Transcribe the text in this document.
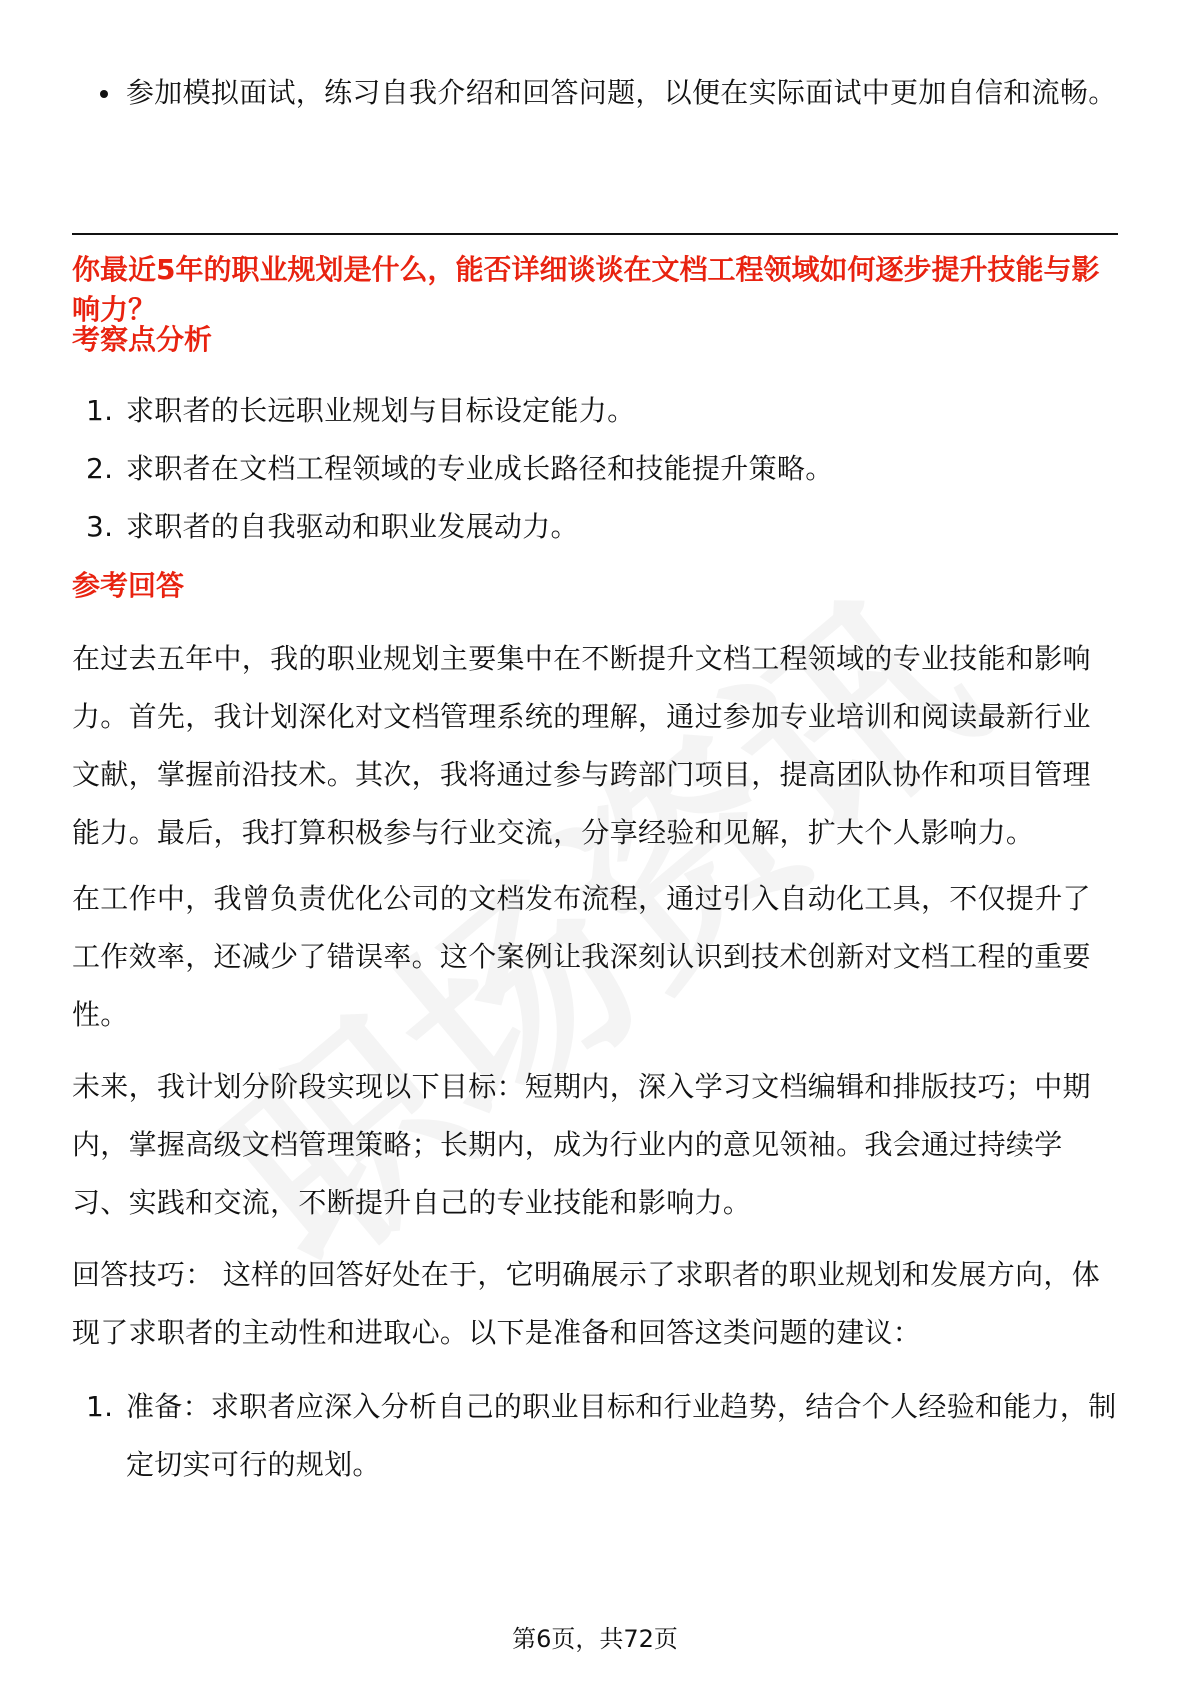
参加模拟面试，练习自我介绍和回答问题，以便在实际面试中更加自信和流畅。
你最近5年的职业规划是什么，能否详细谈谈在文档工程领域如何逐步提升技能与影响力？
考察点分析
1. 求职者的长远职业规划与目标设定能力。
2. 求职者在文档工程领域的专业成长路径和技能提升策略。
3. 求职者的自我驱动和职业发展动力。
参考回答

在过去五年中，我的职业规划主要集中在不断提升文档工程领域的专业技能和影响力。首先，我计划深化对文档管理系统的理解，通过参加专业培训和阅读最新行业文献，掌握前沿技术。其次，我将通过参与跨部门项目，提高团队协作和项目管理能力。最后，我打算积极参与行业交流，分享经验和见解，扩大个人影响力。

在工作中，我曾负责优化公司的文档发布流程，通过引入自动化工具，不仅提升了工作效率，还减少了错误率。这个案例让我深刻认识到技术创新对文档工程的重要性。

未来，我计划分阶段实现以下目标：短期内，深入学习文档编辑和排版技巧；中期内，掌握高级文档管理策略；长期内，成为行业内的意见领袖。我会通过持续学习、实践和交流，不断提升自己的专业技能和影响力。

回答技巧： 这样的回答好处在于，它明确展示了求职者的职业规划和发展方向，体现了求职者的主动性和进取心。以下是准备和回答这类问题的建议：

1. 准备：求职者应深入分析自己的职业目标和行业趋势，结合个人经验和能力，制定切实可行的规划。
第6页，共72页
